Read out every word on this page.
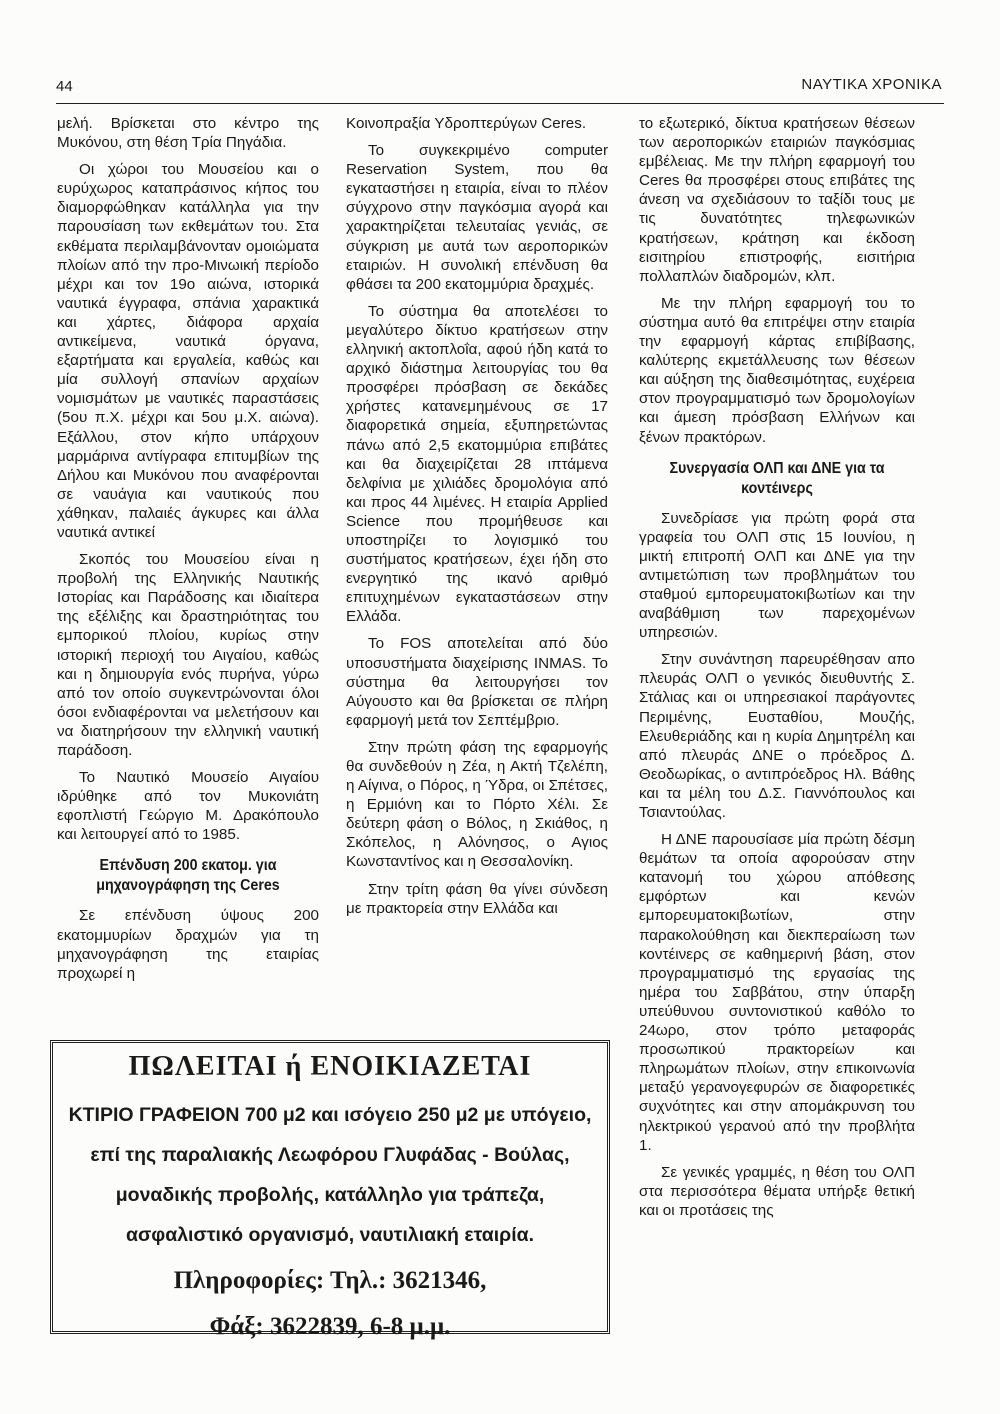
44	ΝΑΥΤΙΚΑ ΧΡΟΝΙΚΑ

μελή. Βρίσκεται στο κέντρο της Μυκόνου, στη θέση Τρία Πηγάδια.

Οι χώροι του Μουσείου και ο ευρύχωρος καταπράσινος κήπος του διαμορφώθηκαν κατάλληλα για την παρουσίαση των εκθεμάτων του. Στα εκθέματα περιλαμβάνονταν ομοιώματα πλοίων από την προ-Μινωική περίοδο μέχρι και τον 19ο αιώνα, ιστορικά ναυτικά έγγραφα, σπάνια χαρακτικά και χάρτες, διάφορα αρχαία αντικείμενα, ναυτικά όργανα, εξαρτήματα και εργαλεία, καθώς και μία συλλογή σπανίων αρχαίων νομισμάτων με ναυτικές παραστάσεις (5ου π.Χ. μέχρι και 5ου μ.Χ. αιώνα). Εξάλλου, στον κήπο υπάρχουν μαρμάρινα αντίγραφα επιτυμβίων της Δήλου και Μυκόνου που αναφέρονται σε ναυάγια και ναυτικούς που χάθηκαν, παλαιές άγκυρες και άλλα ναυτικά αντικεί

Σκοπός του Μουσείου είναι η προβολή της Ελληνικής Ναυτικής Ιστορίας και Παράδοσης και ιδιαίτερα της εξέλιξης και δραστηριότητας του εμπορικού πλοίου, κυρίως στην ιστορική περιοχή του Αιγαίου, καθώς και η δημιουργία ενός πυρήνα, γύρω από τον οποίο συγκεντρώνονται όλοι όσοι ενδιαφέρονται να μελετήσουν και να διατηρήσουν την ελληνική ναυτική παράδοση.

Το Ναυτικό Μουσείο Αιγαίου ιδρύθηκε από τον Μυκονιάτη εφοπλιστή Γεώργιο Μ. Δρακόπουλο και λειτουργεί από το 1985.

Επένδυση 200 εκατομ. για μηχανογράφηση της Ceres

Σε επένδυση ύψους 200 εκατομμυρίων δραχμών για τη μηχανογράφηση της εταιρίας προχωρεί η

Κοινοπραξία Υδροπτερύγων Ceres.

Το συγκεκριμένο computer Reservation System, που θα εγκαταστήσει η εταιρία, είναι το πλέον σύγχρονο στην παγκόσμια αγορά και χαρακτηρίζεται τελευταίας γενιάς, σε σύγκριση με αυτά των αεροπορικών εταιριών. Η συνολική επένδυση θα φθάσει τα 200 εκατομμύρια δραχμές.

Το σύστημα θα αποτελέσει το μεγαλύτερο δίκτυο κρατήσεων στην ελληνική ακτοπλοΐα, αφού ήδη κατά το αρχικό διάστημα λειτουργίας του θα προσφέρει πρόσβαση σε δεκάδες χρήστες κατανεμημένους σε 17 διαφορετικά σημεία, εξυπηρετώντας πάνω από 2,5 εκατομμύρια επιβάτες και θα διαχειρίζεται 28 ιπτάμενα δελφίνια με χιλιάδες δρομολόγια από και προς 44 λιμένες. Η εταιρία Applied Science που προμήθευσε και υποστηρίζει το λογισμικό του συστήματος κρατήσεων, έχει ήδη στο ενεργητικό της ικανό αριθμό επιτυχημένων εγκαταστάσεων στην Ελλάδα.

Το FOS αποτελείται από δύο υποσυστήματα διαχείρισης INMAS. Το σύστημα θα λειτουργήσει τον Αύγουστο και θα βρίσκεται σε πλήρη εφαρμογή μετά τον Σεπτέμβριο.

Στην πρώτη φάση της εφαρμογής θα συνδεθούν η Ζέα, η Ακτή Τζελέπη, η Αίγινα, ο Πόρος, η Ύδρα, οι Σπέτσες, η Ερμιόνη και το Πόρτο Χέλι. Σε δεύτερη φάση ο Βόλος, η Σκιάθος, η Σκόπελος, η Αλόνησος, ο Αγιος Κωνσταντίνος και η Θεσσαλονίκη.

Στην τρίτη φάση θα γίνει σύνδεση με πρακτορεία στην Ελλάδα και

το εξωτερικό, δίκτυα κρατήσεων θέσεων των αεροπορικών εταιριών παγκόσμιας εμβέλειας. Με την πλήρη εφαρμογή του Ceres θα προσφέρει στους επιβάτες της άνεση να σχεδιάσουν το ταξίδι τους με τις δυνατότητες τηλεφωνικών κρατήσεων, κράτηση και έκδοση εισιτηρίου επιστροφής, εισιτήρια πολλαπλών διαδρομών, κλπ.

Με την πλήρη εφαρμογή του το σύστημα αυτό θα επιτρέψει στην εταιρία την εφαρμογή κάρτας επιβίβασης, καλύτερης εκμετάλλευσης των θέσεων και αύξηση της διαθεσιμότητας, ευχέρεια στον προγραμματισμό των δρομολογίων και άμεση πρόσβαση Ελλήνων και ξένων πρακτόρων.

Συνεργασία ΟΛΠ και ΔΝΕ για τα κοντέινερς

Συνεδρίασε για πρώτη φορά στα γραφεία του ΟΛΠ στις 15 Ιουνίου, η μικτή επιτροπή ΟΛΠ και ΔΝΕ για την αντιμετώπιση των προβλημάτων του σταθμού εμπορευματοκιβωτίων και την αναβάθμιση των παρεχομένων υπηρεσιών.

Στην συνάντηση παρευρέθησαν απο πλευράς ΟΛΠ ο γενικός διευθυντής Σ. Στάλιας και οι υπηρεσιακοί παράγοντες Περιμένης, Ευσταθίου, Μουζής, Ελευθεριάδης και η κυρία Δημητρέλη και από πλευράς ΔΝΕ ο πρόεδρος Δ. Θεοδωρίκας, ο αντιπρόεδρος Ηλ. Βάθης και τα μέλη του Δ.Σ. Γιαννόπουλος και Τσιαντούλας.

Η ΔΝΕ παρουσίασε μία πρώτη δέσμη θεμάτων τα οποία αφορούσαν στην κατανομή του χώρου απόθεσης εμφόρτων και κενών εμπορευματοκιβωτίων, στην παρακολούθηση και διεκπεραίωση των κοντέινερς σε καθημερινή βάση, στον προγραμματισμό της εργασίας της ημέρα του Σαββάτου, στην ύπαρξη υπεύθυνου συντονιστικού καθόλο το 24ωρο, στον τρόπο μεταφοράς προσωπικού πρακτορείων και πληρωμάτων πλοίων, στην επικοινωνία μεταξύ γερανογεφυρών σε διαφορετικές συχνότητες και στην απομάκρυνση του ηλεκτρικού γερανού από την προβλήτα 1.

Σε γενικές γραμμές, η θέση του ΟΛΠ στα περισσότερα θέματα υπήρξε θετική και οι προτάσεις της

ΠΩΛΕΙΤΑΙ ή ΕΝΟΙΚΙΑΖΕΤΑΙ
ΚΤΙΡΙΟ ΓΡΑΦΕΙΟΝ 700 μ2 και ισόγειο 250 μ2 με υπόγειο, επί της παραλιακής Λεωφόρου Γλυφάδας - Βούλας, μοναδικής προβολής, κατάλληλο για τράπεζα, ασφαλιστικό οργανισμό, ναυτιλιακή εταιρία.
Πληροφορίες: Τηλ.: 3621346,
Φάξ: 3622839, 6-8 μ.μ.
